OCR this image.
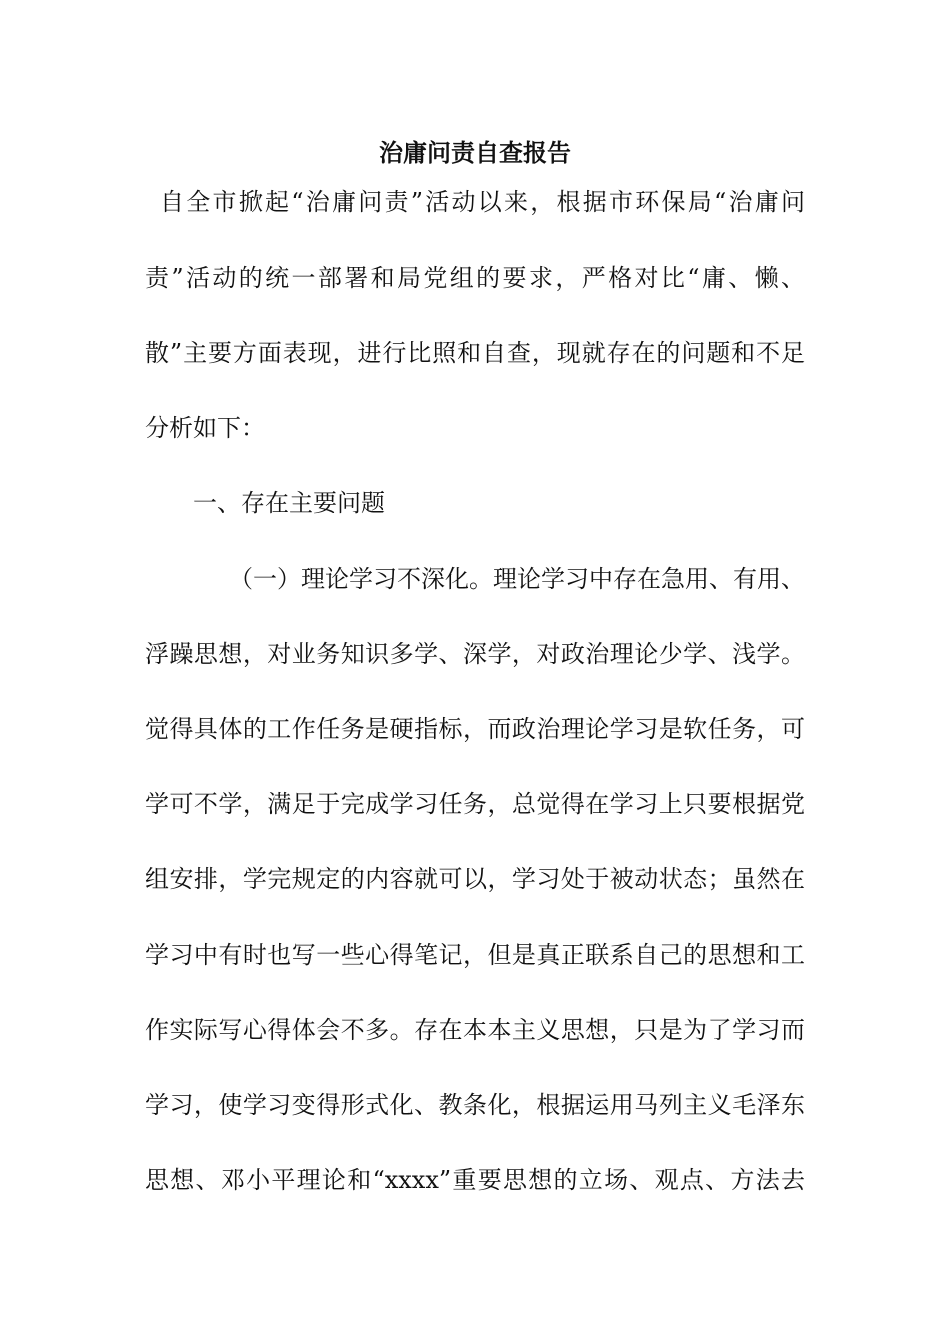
治庸问责自查报告
自全市掀起“治庸问责”活动以来，根据市环保局“治庸问
责”活动的统一部署和局党组的要求，严格对比“庸、懒、
散”主要方面表现，进行比照和自查，现就存在的问题和不足
分析如下：
一、存在主要问题
（一）理论学习不深化。理论学习中存在急用、有用、
浮躁思想，对业务知识多学、深学，对政治理论少学、浅学。
觉得具体的工作任务是硬指标，而政治理论学习是软任务，可
学可不学，满足于完成学习任务，总觉得在学习上只要根据党
组安排，学完规定的内容就可以，学习处于被动状态；虽然在
学习中有时也写一些心得笔记，但是真正联系自己的思想和工
作实际写心得体会不多。存在本本主义思想，只是为了学习而
学习，使学习变得形式化、教条化，根据运用马列主义毛泽东
思想、邓小平理论和“xxxx”重要思想的立场、观点、方法去
